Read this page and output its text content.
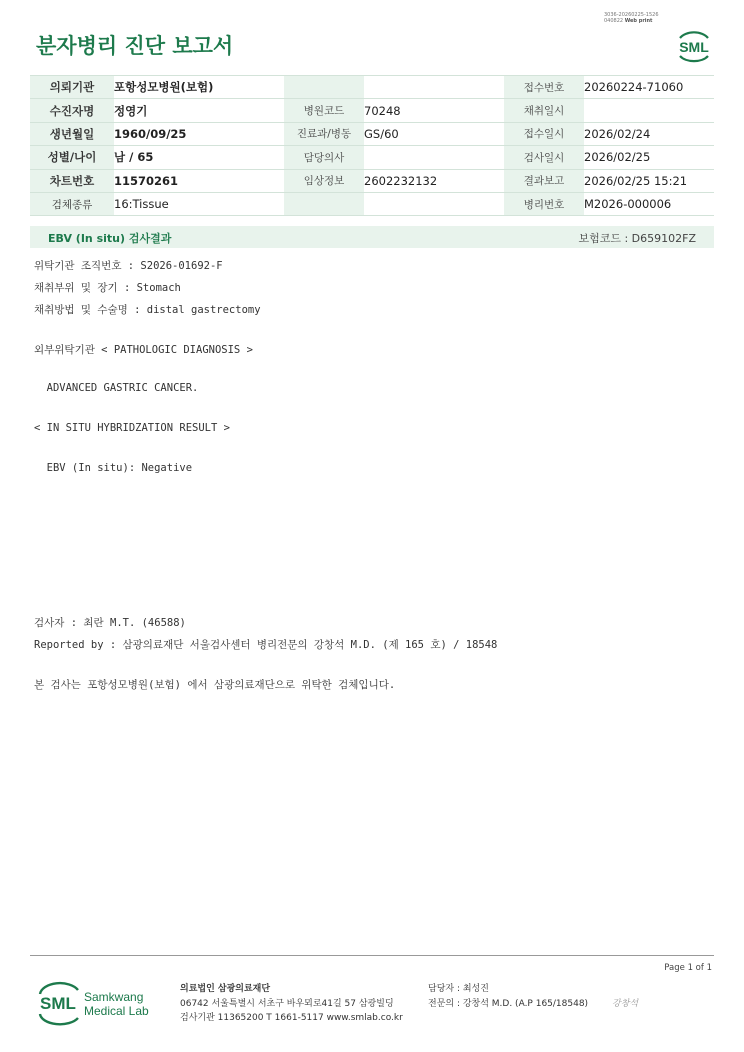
분자병리 진단 보고서
3036-20260225-1526
040822 Web print
SML
의뢰기관	포항성모병원(보험)			접수번호	20260224-71060
수진자명	정영기	병원코드	70248	채취일시	
생년월일	1960/09/25	진료과/병동	GS/60	접수일시	2026/02/24
성별/나이	남 / 65	담당의사		검사일시	2026/02/25
차트번호	11570261	임상정보	2602232132	결과보고	2026/02/25 15:21
검체종류	16:Tissue			병리번호	M2026-000006
EBV (In situ) 검사결과	보험코드 : D659102FZ
위탁기관 조직번호 : S2026-01692-F
채취부위 및 장기 : Stomach
채취방법 및 수술명 : distal gastrectomy
외부위탁기관 < PATHOLOGIC DIAGNOSIS >
ADVANCED GASTRIC CANCER.
< IN SITU HYBRIDZATION RESULT >
EBV (In situ): Negative
검사자 : 최란 M.T. (46588)
Reported by : 삼광의료재단 서울검사센터 병리전문의 강창석 M.D. (제 165 호) / 18548
본 검사는 포항성모병원(보험) 에서 삼광의료재단으로 위탁한 검체입니다.
Page 1 of 1
SML Samkwang
Medical Lab
의료법인 삼광의료재단
06742 서울특별시 서초구 바우뫼로41길 57 삼광빌딩
검사기관 11365200 T 1661-5117 www.smlab.co.kr
담당자 : 최성진
전문의 : 강창석 M.D. (A.P 165/18548)	강창석
